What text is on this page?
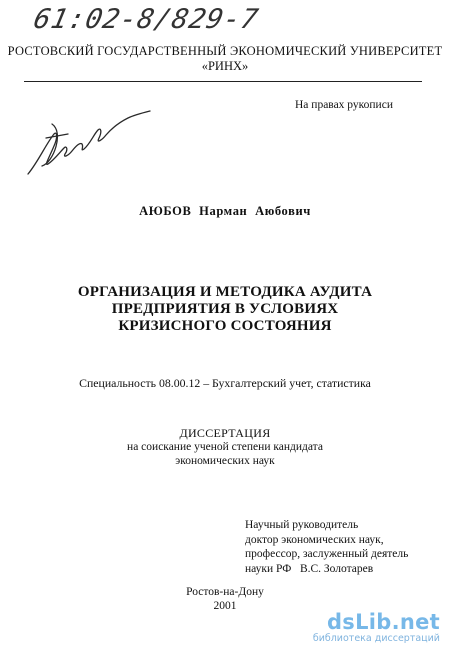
61:02-8/829-7
РОСТОВСКИЙ ГОСУДАРСТВЕННЫЙ ЭКОНОМИЧЕСКИЙ УНИВЕРСИТЕТ
«РИНХ»
На правах рукописи
АЮБОВ Нарман Аюбович
ОРГАНИЗАЦИЯ И МЕТОДИКА АУДИТА
ПРЕДПРИЯТИЯ В УСЛОВИЯХ
КРИЗИСНОГО СОСТОЯНИЯ
Специальность 08.00.12 – Бухгалтерский учет, статистика
ДИССЕРТАЦИЯ
на соискание ученой степени кандидата
экономических наук
Научный руководитель
доктор экономических наук,
профессор, заслуженный деятель
науки РФ   В.С. Золотарев
Ростов-на-Дону
2001
dsLib.net
библиотека диссертаций
